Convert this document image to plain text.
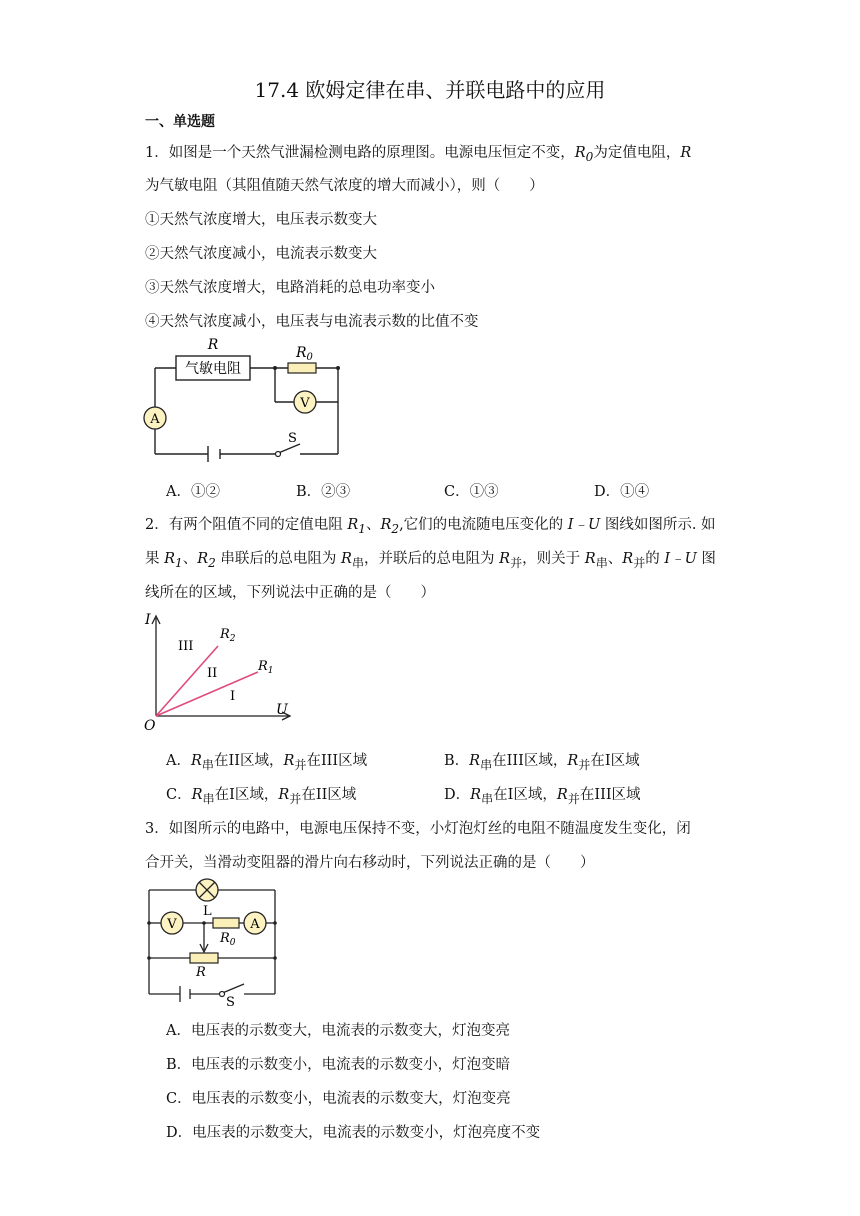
17.4 欧姆定律在串、并联电路中的应用
一、单选题
1．如图是一个天然气泄漏检测电路的原理图。电源电压恒定不变，$R_0$为定值电阻，R
为气敏电阻（其阻值随天然气浓度的增大而减小），则（　　）
①天然气浓度增大，电压表示数变大
②天然气浓度减小，电流表示数变大
③天然气浓度增大，电路消耗的总电功率变小
④天然气浓度减小，电压表与电流表示数的比值不变
气敏电阻
R	$R_0$
V
A
S
A．①②	B．②③	C．①③	D．①④
2．有两个阻值不同的定值电阻 $R_1$、$R_2$,它们的电流随电压变化的 I﹣U 图线如图所示. 如
果 $R_1$、$R_2$ 串联后的总电阻为 $R_串$，并联后的总电阻为 $R_并$，则关于 $R_串$、$R_并$的 I﹣U 图
线所在的区域，下列说法中正确的是（　　）
I
U
O
$R_2$
$R_1$
III
II
I
A．$R_串$在II区域，$R_并$在III区域	B．$R_串$在III区域，$R_并$在I区域
C．$R_串$在I区域，$R_并$在II区域	D．$R_串$在I区域，$R_并$在III区域
3．如图所示的电路中，电源电压保持不变，小灯泡灯丝的电阻不随温度发生变化，闭
合开关，当滑动变阻器的滑片向右移动时，下列说法正确的是（　　）
L
V
$R_0$
A
R
S
A．电压表的示数变大，电流表的示数变大，灯泡变亮
B．电压表的示数变小，电流表的示数变小，灯泡变暗
C．电压表的示数变小，电流表的示数变大，灯泡变亮
D．电压表的示数变大，电流表的示数变小，灯泡亮度不变
